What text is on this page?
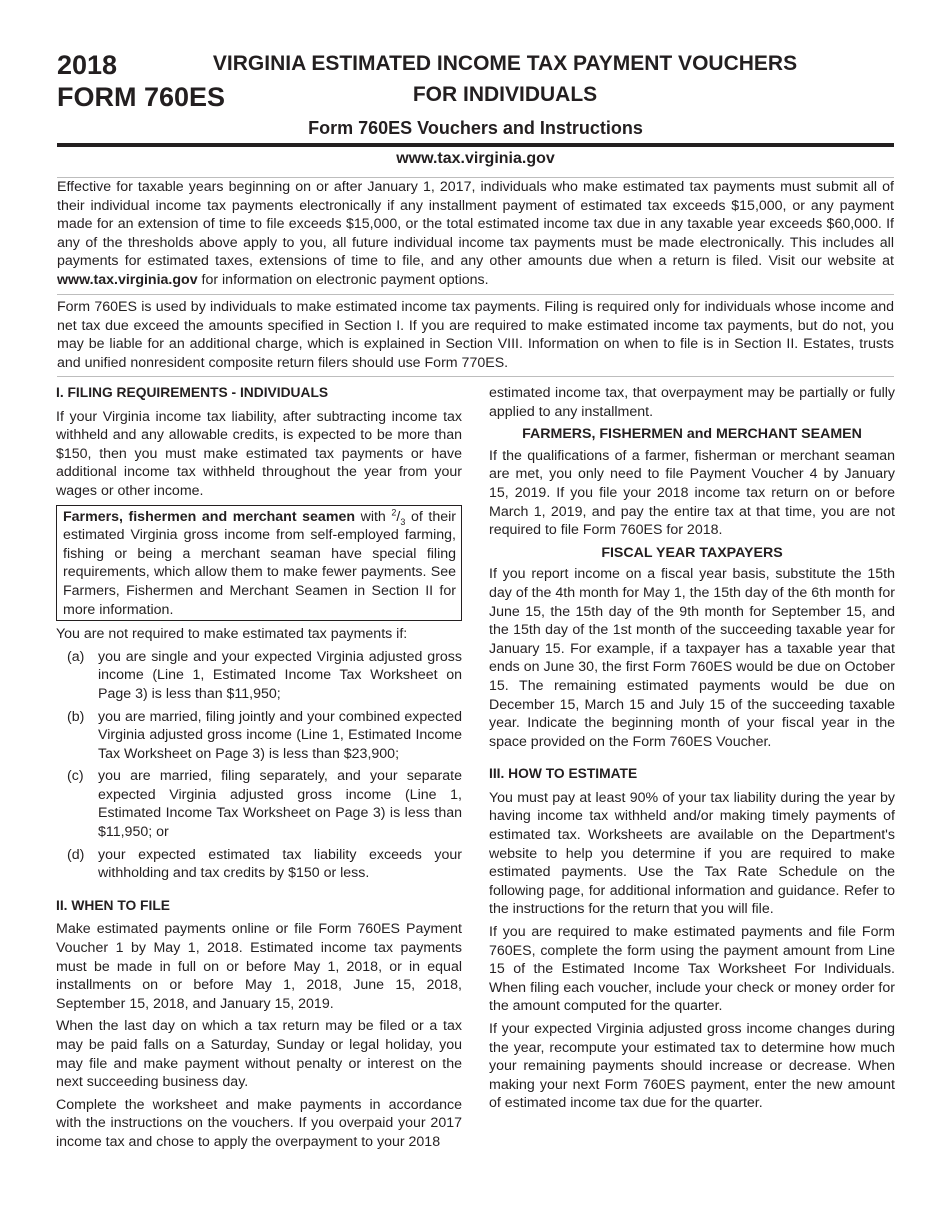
2018
FORM 760ES
VIRGINIA ESTIMATED INCOME TAX PAYMENT VOUCHERS
FOR INDIVIDUALS
Form 760ES Vouchers and Instructions
www.tax.virginia.gov
Effective for taxable years beginning on or after January 1, 2017, individuals who make estimated tax payments must submit all of their individual income tax payments electronically if any installment payment of estimated tax exceeds $15,000, or any payment made for an extension of time to file exceeds $15,000, or the total estimated income tax due in any taxable year exceeds $60,000. If any of the thresholds above apply to you, all future individual income tax payments must be made electronically. This includes all payments for estimated taxes, extensions of time to file, and any other amounts due when a return is filed. Visit our website at www.tax.virginia.gov for information on electronic payment options.
Form 760ES is used by individuals to make estimated income tax payments. Filing is required only for individuals whose income and net tax due exceed the amounts specified in Section I. If you are required to make estimated income tax payments, but do not, you may be liable for an additional charge, which is explained in Section VIII. Information on when to file is in Section II. Estates, trusts and unified nonresident composite return filers should use Form 770ES.
I. FILING REQUIREMENTS - INDIVIDUALS

If your Virginia income tax liability, after subtracting income tax withheld and any allowable credits, is expected to be more than $150, then you must make estimated tax payments or have additional income tax withheld throughout the year from your wages or other income.

Farmers, fishermen and merchant seamen with $^2/_3$ of their estimated Virginia gross income from self-employed farming, fishing or being a merchant seaman have special filing requirements, which allow them to make fewer payments. See Farmers, Fishermen and Merchant Seamen in Section II for more information.

You are not required to make estimated tax payments if:

(a) you are single and your expected Virginia adjusted gross income (Line 1, Estimated Income Tax Worksheet on Page 3) is less than $11,950;
(b) you are married, filing jointly and your combined expected Virginia adjusted gross income (Line 1, Estimated Income Tax Worksheet on Page 3) is less than $23,900;
(c) you are married, filing separately, and your separate expected Virginia adjusted gross income (Line 1, Estimated Income Tax Worksheet on Page 3) is less than $11,950; or
(d) your expected estimated tax liability exceeds your withholding and tax credits by $150 or less.
II. WHEN TO FILE

Make estimated payments online or file Form 760ES Payment Voucher 1 by May 1, 2018. Estimated income tax payments must be made in full on or before May 1, 2018, or in equal installments on or before May 1, 2018, June 15, 2018, September 15, 2018, and January 15, 2019.

When the last day on which a tax return may be filed or a tax may be paid falls on a Saturday, Sunday or legal holiday, you may file and make payment without penalty or interest on the next succeeding business day.

Complete the worksheet and make payments in accordance with the instructions on the vouchers. If you overpaid your 2017 income tax and chose to apply the overpayment to your 2018

estimated income tax, that overpayment may be partially or fully applied to any installment.

FARMERS, FISHERMEN and MERCHANT SEAMEN

If the qualifications of a farmer, fisherman or merchant seaman are met, you only need to file Payment Voucher 4 by January 15, 2019. If you file your 2018 income tax return on or before March 1, 2019, and pay the entire tax at that time, you are not required to file Form 760ES for 2018.

FISCAL YEAR TAXPAYERS

If you report income on a fiscal year basis, substitute the 15th day of the 4th month for May 1, the 15th day of the 6th month for June 15, the 15th day of the 9th month for September 15, and the 15th day of the 1st month of the succeeding taxable year for January 15. For example, if a taxpayer has a taxable year that ends on June 30, the first Form 760ES would be due on October 15. The remaining estimated payments would be due on December 15, March 15 and July 15 of the succeeding taxable year. Indicate the beginning month of your fiscal year in the space provided on the Form 760ES Voucher.

III. HOW TO ESTIMATE

You must pay at least 90% of your tax liability during the year by having income tax withheld and/or making timely payments of estimated tax. Worksheets are available on the Department's website to help you determine if you are required to make estimated payments. Use the Tax Rate Schedule on the following page, for additional information and guidance. Refer to the instructions for the return that you will file.

If you are required to make estimated payments and file Form 760ES, complete the form using the payment amount from Line 15 of the Estimated Income Tax Worksheet For Individuals. When filing each voucher, include your check or money order for the amount computed for the quarter.

If your expected Virginia adjusted gross income changes during the year, recompute your estimated tax to determine how much your remaining payments should increase or decrease. When making your next Form 760ES payment, enter the new amount of estimated income tax due for the quarter.
